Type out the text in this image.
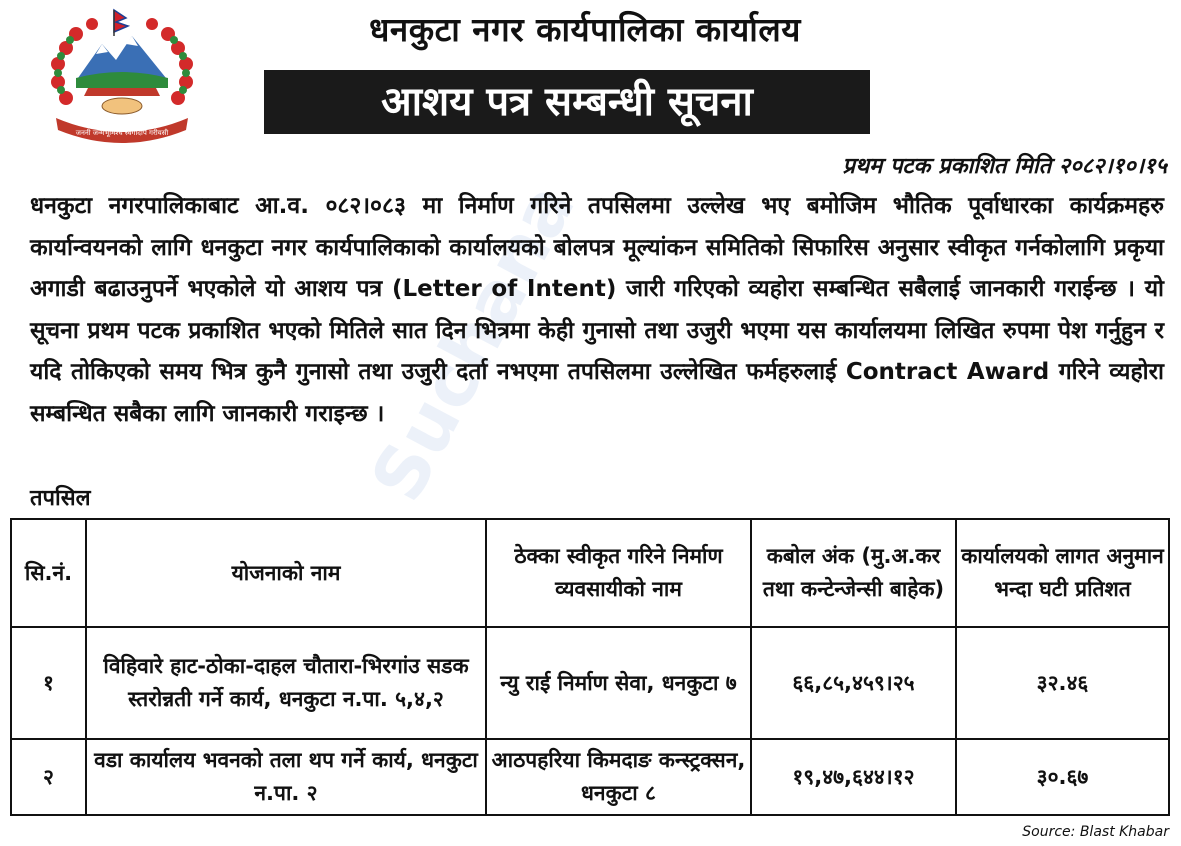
जननी जन्मभूमिश्च स्वर्गादपि गरीयसी
धनकुटा नगर कार्यपालिका कार्यालय
आशय पत्र सम्बन्धी सूचना
प्रथम पटक प्रकाशित मिति २०८२।१०।१५
Suchana
धनकुटा नगरपालिकाबाट आ.व. ०८२।०८३ मा निर्माण गरिने तपसिलमा उल्लेख भए बमोजिम भौतिक पूर्वाधारका कार्यक्रमहरु कार्यान्वयनको लागि धनकुटा नगर कार्यपालिकाको कार्यालयको बोलपत्र मूल्यांकन समितिको सिफारिस अनुसार स्वीकृत गर्नकोलागि प्रकृया अगाडी बढाउनुपर्ने भएकोले यो आशय पत्र (Letter of Intent) जारी गरिएको व्यहोरा सम्बन्धित सबैलाई जानकारी गराईन्छ । यो सूचना प्रथम पटक प्रकाशित भएको मितिले सात दिन भित्रमा केही गुनासो तथा उजुरी भएमा यस कार्यालयमा लिखित रुपमा पेश गर्नुहुन र यदि तोकिएको समय भित्र कुनै गुनासो तथा उजुरी दर्ता नभएमा तपसिलमा उल्लेखित फर्महरुलाई Contract Award गरिने व्यहोरा सम्बन्धित सबैका लागि जानकारी गराइन्छ ।
तपसिल
सि.नं.	योजनाको नाम	ठेक्का स्वीकृत गरिने निर्माण व्यवसायीको नाम	कबोल अंक (मु.अ.कर तथा कन्टेन्जेन्सी बाहेक)	कार्यालयको लागत अनुमान भन्दा घटी प्रतिशत
१	विहिवारे हाट-ठोका-दाहल चौतारा-भिरगांउ सडक स्तरोन्नती गर्ने कार्य, धनकुटा न.पा. ५,४,२	न्यु राई निर्माण सेवा, धनकुटा ७	६६,८५,४५९।२५	३२.४६
२	वडा कार्यालय भवनको तला थप गर्ने कार्य, धनकुटा न.पा. २	आठपहरिया किमदाङ कन्स्ट्रक्सन, धनकुटा ८	१९,४७,६४४।१२	३०.६७
Source: Blast Khabar
